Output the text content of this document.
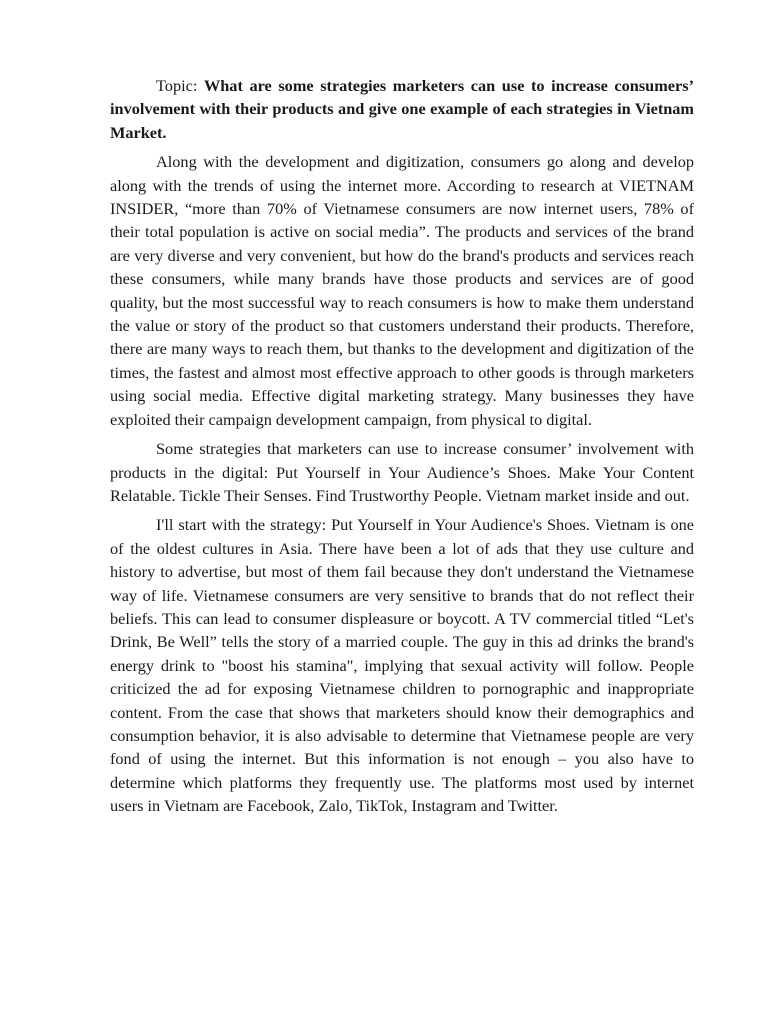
Topic: What are some strategies marketers can use to increase consumers’ involvement with their products and give one example of each strategies in Vietnam Market.

Along with the development and digitization, consumers go along and develop along with the trends of using the internet more. According to research at VIETNAM INSIDER, “more than 70% of Vietnamese consumers are now internet users, 78% of their total population is active on social media”. The products and services of the brand are very diverse and very convenient, but how do the brand's products and services reach these consumers, while many brands have those products and services are of good quality, but the most successful way to reach consumers is how to make them understand the value or story of the product so that customers understand their products. Therefore, there are many ways to reach them, but thanks to the development and digitization of the times, the fastest and almost most effective approach to other goods is through marketers using social media. Effective digital marketing strategy. Many businesses they have exploited their campaign development campaign, from physical to digital.

Some strategies that marketers can use to increase consumer’ involvement with products in the digital: Put Yourself in Your Audience’s Shoes. Make Your Content Relatable. Tickle Their Senses. Find Trustworthy People. Vietnam market inside and out.

I'll start with the strategy: Put Yourself in Your Audience's Shoes. Vietnam is one of the oldest cultures in Asia. There have been a lot of ads that they use culture and history to advertise, but most of them fail because they don't understand the Vietnamese way of life. Vietnamese consumers are very sensitive to brands that do not reflect their beliefs. This can lead to consumer displeasure or boycott. A TV commercial titled “Let's Drink, Be Well” tells the story of a married couple. The guy in this ad drinks the brand's energy drink to "boost his stamina", implying that sexual activity will follow. People criticized the ad for exposing Vietnamese children to pornographic and inappropriate content. From the case that shows that marketers should know their demographics and consumption behavior, it is also advisable to determine that Vietnamese people are very fond of using the internet. But this information is not enough – you also have to determine which platforms they frequently use. The platforms most used by internet users in Vietnam are Facebook, Zalo, TikTok, Instagram and Twitter.
